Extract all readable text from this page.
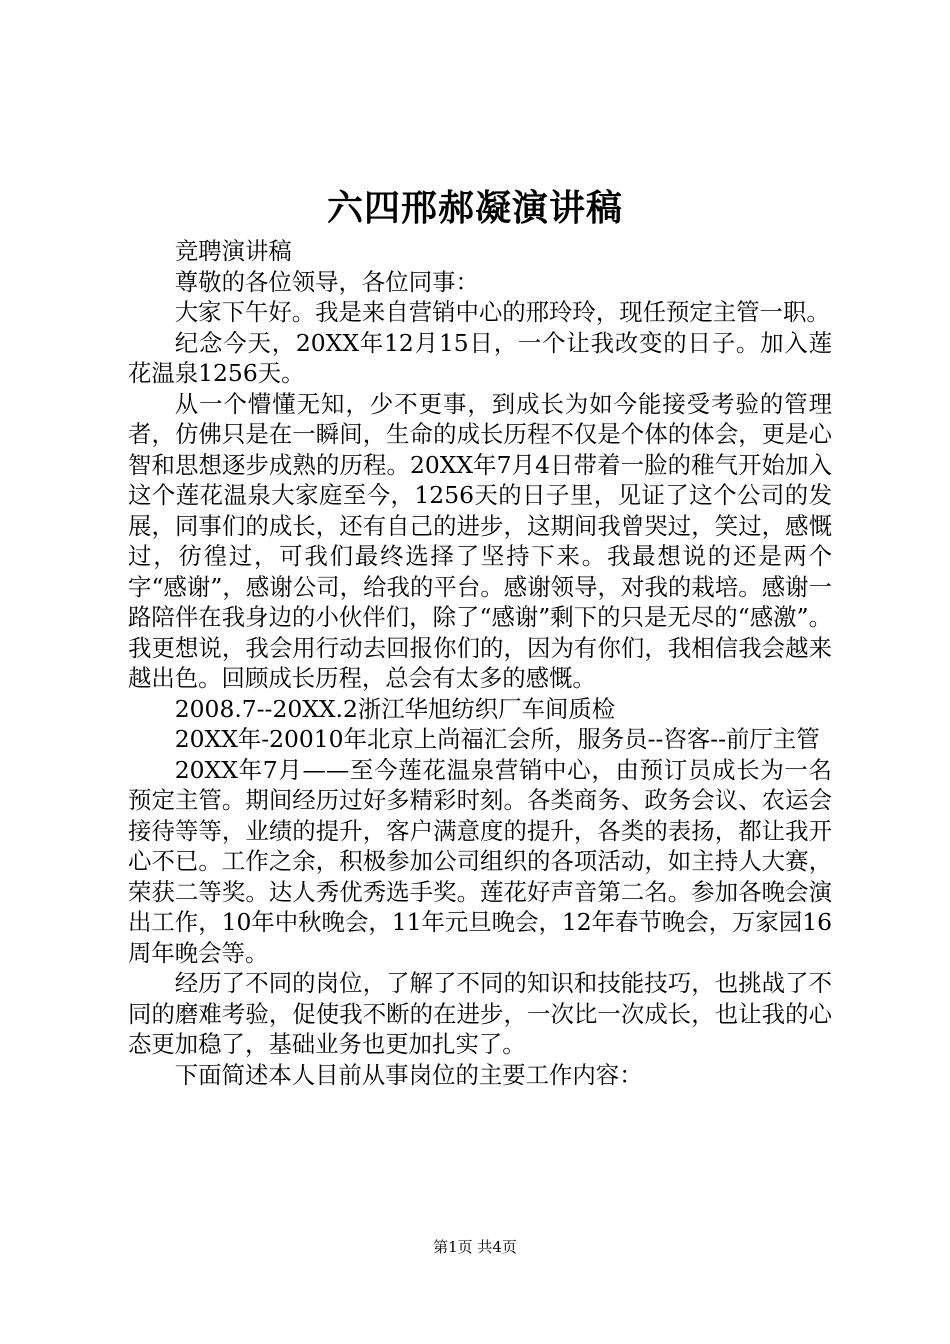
六四邢郝凝演讲稿

竞聘演讲稿

尊敬的各位领导，各位同事：

大家下午好。我是来自营销中心的邢玲玲，现任预定主管一职。

纪念今天，20XX年12月15日，一个让我改变的日子。加入莲花温泉1256天。

从一个懵懂无知，少不更事，到成长为如今能接受考验的管理者，仿佛只是在一瞬间，生命的成长历程不仅是个体的体会，更是心智和思想逐步成熟的历程。20XX年7月4日带着一脸的稚气开始加入这个莲花温泉大家庭至今，1256天的日子里，见证了这个公司的发展，同事们的成长，还有自己的进步，这期间我曾哭过，笑过，感慨过，彷徨过，可我们最终选择了坚持下来。我最想说的还是两个字“感谢”，感谢公司，给我的平台。感谢领导，对我的栽培。感谢一路陪伴在我身边的小伙伴们，除了“感谢”剩下的只是无尽的“感激”。我更想说，我会用行动去回报你们的，因为有你们，我相信我会越来越出色。回顾成长历程，总会有太多的感慨。

2008.7--20XX.2浙江华旭纺织厂车间质检

20XX年-20010年北京上尚福汇会所，服务员--咨客--前厅主管

20XX年7月——至今莲花温泉营销中心，由预订员成长为一名预定主管。期间经历过好多精彩时刻。各类商务、政务会议、农运会接待等等，业绩的提升，客户满意度的提升，各类的表扬，都让我开心不已。工作之余，积极参加公司组织的各项活动，如主持人大赛，荣获二等奖。达人秀优秀选手奖。莲花好声音第二名。参加各晚会演出工作，10年中秋晚会，11年元旦晚会，12年春节晚会，万家园16周年晚会等。

经历了不同的岗位，了解了不同的知识和技能技巧，也挑战了不同的磨难考验，促使我不断的在进步，一次比一次成长，也让我的心态更加稳了，基础业务也更加扎实了。

下面简述本人目前从事岗位的主要工作内容：

第1页 共4页
